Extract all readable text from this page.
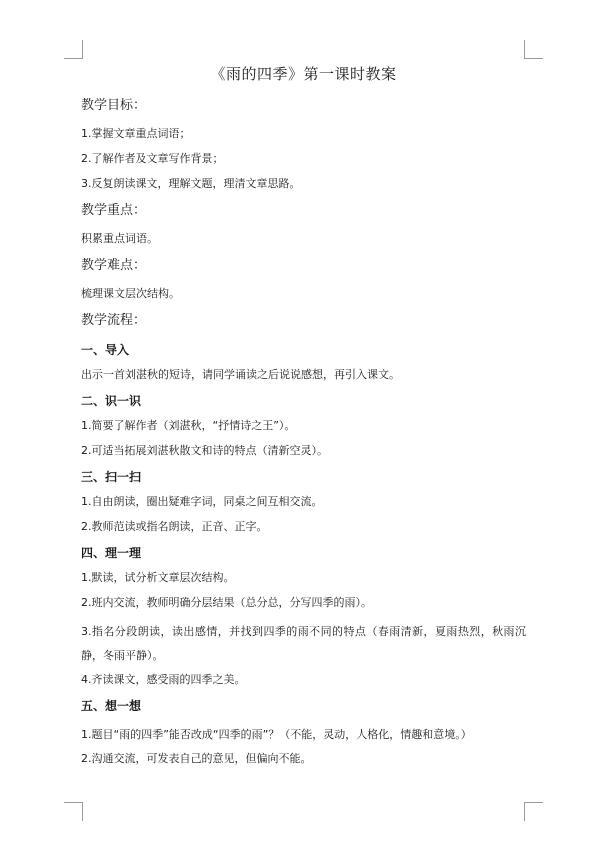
《雨的四季》第一课时教案
教学目标：
1.掌握文章重点词语；
2.了解作者及文章写作背景；
3.反复朗读课文，理解文题，理清文章思路。
教学重点：
积累重点词语。
教学难点：
梳理课文层次结构。
教学流程：
一、导入
出示一首刘湛秋的短诗，请同学诵读之后说说感想，再引入课文。
二、识一识
1.简要了解作者（刘湛秋，“抒情诗之王”）。
2.可适当拓展刘湛秋散文和诗的特点（清新空灵）。
三、扫一扫
1.自由朗读，圈出疑难字词，同桌之间互相交流。
2.教师范读或指名朗读，正音、正字。
四、理一理
1.默读，试分析文章层次结构。
2.班内交流，教师明确分层结果（总分总，分写四季的雨）。
3.指名分段朗读，读出感情，并找到四季的雨不同的特点（春雨清新，夏雨热烈，秋雨沉静，冬雨平静）。
4.齐读课文，感受雨的四季之美。
五、想一想
1.题目“雨的四季”能否改成“四季的雨”？（不能，灵动，人格化，情趣和意境。）
2.沟通交流，可发表自己的意见，但偏向不能。
